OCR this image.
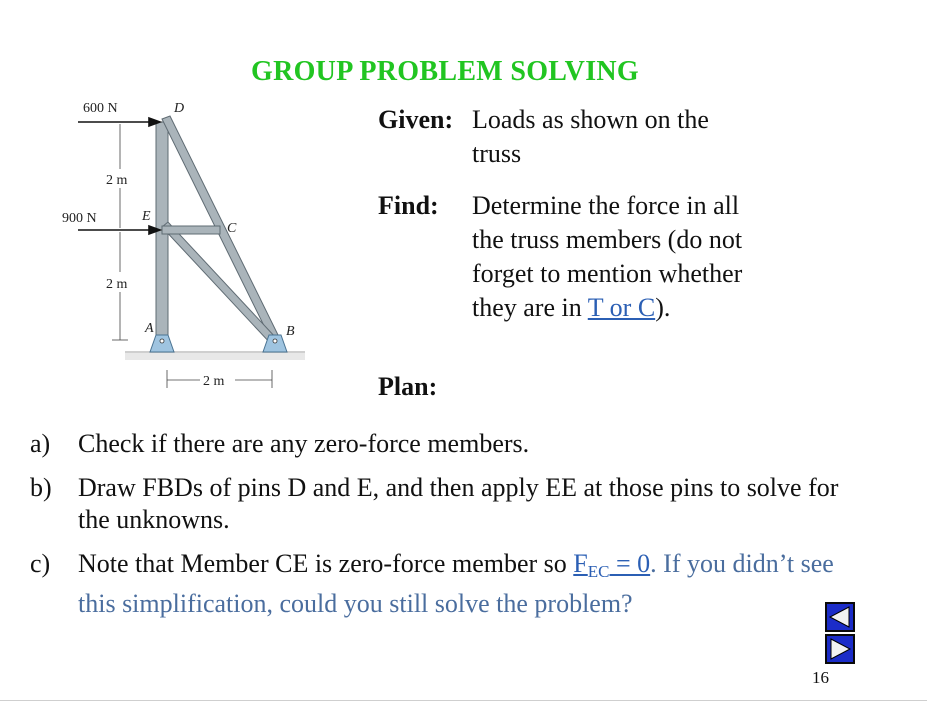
GROUP PROBLEM SOLVING
600 N
900 N
2 m
2 m
2 m
D
E
C
A	B
Given: Loads as shown on the truss
Find: Determine the force in all the truss members (do not forget to mention whether they are in T or C).
Plan:
a) Check if there are any zero-force members.
b) Draw FBDs of pins D and E, and then apply EE at those pins to solve for the unknowns.
c) Note that Member CE is zero-force member so $F_{EC} = 0$. If you didn’t see this simplification, could you still solve the problem?
16
